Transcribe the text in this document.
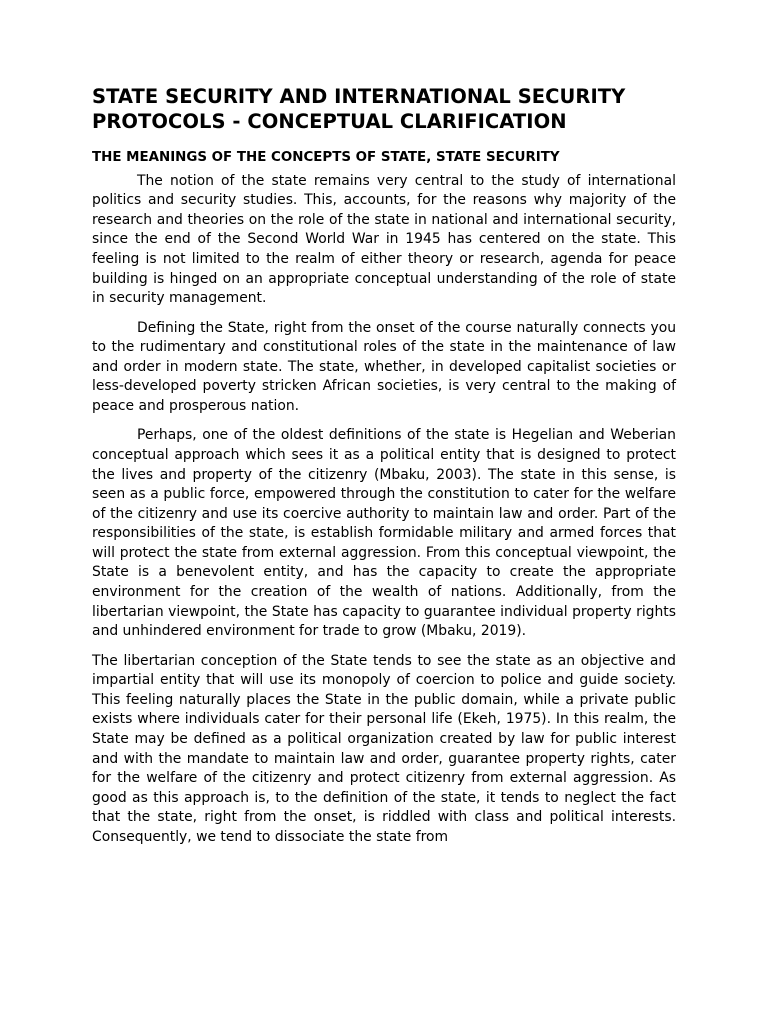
STATE SECURITY AND INTERNATIONAL SECURITY PROTOCOLS - CONCEPTUAL CLARIFICATION
THE MEANINGS OF THE CONCEPTS OF STATE, STATE SECURITY

The notion of the state remains very central to the study of international politics and security studies. This, accounts, for the reasons why majority of the research and theories on the role of the state in national and international security, since the end of the Second World War in 1945 has centered on the state. This feeling is not limited to the realm of either theory or research, agenda for peace building is hinged on an appropriate conceptual understanding of the role of state in security management.

Defining the State, right from the onset of the course naturally connects you to the rudimentary and constitutional roles of the state in the maintenance of law and order in modern state. The state, whether, in developed capitalist societies or less-developed poverty stricken African societies, is very central to the making of peace and prosperous nation.

Perhaps, one of the oldest definitions of the state is Hegelian and Weberian conceptual approach which sees it as a political entity that is designed to protect the lives and property of the citizenry (Mbaku, 2003). The state in this sense, is seen as a public force, empowered through the constitution to cater for the welfare of the citizenry and use its coercive authority to maintain law and order. Part of the responsibilities of the state, is establish formidable military and armed forces that will protect the state from external aggression. From this conceptual viewpoint, the State is a benevolent entity, and has the capacity to create the appropriate environment for the creation of the wealth of nations. Additionally, from the libertarian viewpoint, the State has capacity to guarantee individual property rights and unhindered environment for trade to grow (Mbaku, 2019).

The libertarian conception of the State tends to see the state as an objective and impartial entity that will use its monopoly of coercion to police and guide society. This feeling naturally places the State in the public domain, while a private public exists where individuals cater for their personal life (Ekeh, 1975). In this realm, the State may be defined as a political organization created by law for public interest and with the mandate to maintain law and order, guarantee property rights, cater for the welfare of the citizenry and protect citizenry from external aggression. As good as this approach is, to the definition of the state, it tends to neglect the fact that the state, right from the onset, is riddled with class and political interests. Consequently, we tend to dissociate the state from
